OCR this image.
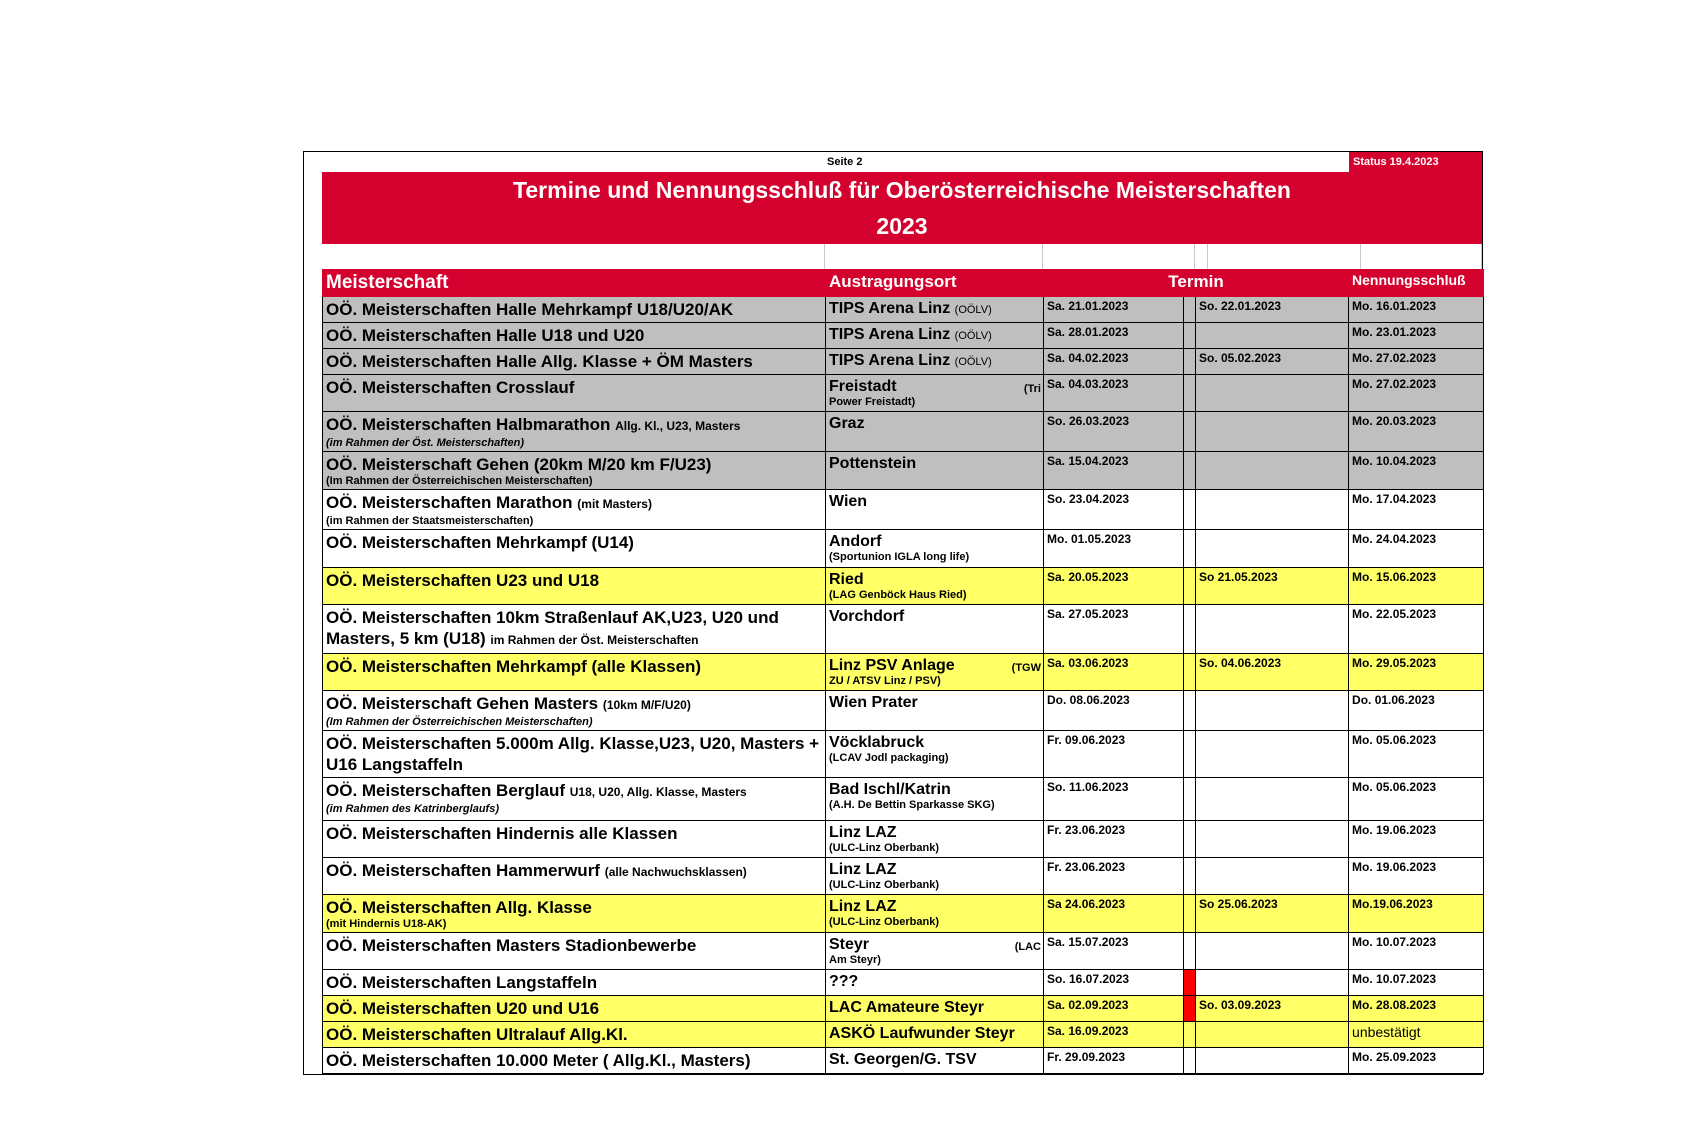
Seite 2	Status 19.4.2023
Termine und Nennungsschluß für Oberösterreichische Meisterschaften
2023
Meisterschaft	Austragungsort	Termin			Nennungsschluß
OÖ. Meisterschaften Halle Mehrkampf U18/U20/AK	TIPS Arena Linz (OÖLV)	Sa. 21.01.2023		So. 22.01.2023	Mo. 16.01.2023
OÖ. Meisterschaften Halle U18 und U20	TIPS Arena Linz (OÖLV)	Sa. 28.01.2023			Mo. 23.01.2023
OÖ. Meisterschaften Halle Allg. Klasse + ÖM Masters	TIPS Arena Linz (OÖLV)	Sa. 04.02.2023		So. 05.02.2023	Mo. 27.02.2023
OÖ. Meisterschaften Crosslauf	Freistadt (Tri
Power Freistadt)	Sa. 04.03.2023			Mo. 27.02.2023
OÖ. Meisterschaften Halbmarathon Allg. Kl., U23, Masters
(im Rahmen der Öst. Meisterschaften)	Graz	So. 26.03.2023			Mo. 20.03.2023
OÖ. Meisterschaft Gehen (20km M/20 km F/U23)
(Im Rahmen der Österreichischen Meisterschaften)	Pottenstein	Sa. 15.04.2023			Mo. 10.04.2023
OÖ. Meisterschaften Marathon (mit Masters)
(im Rahmen der Staatsmeisterschaften)	Wien	So. 23.04.2023			Mo. 17.04.2023
OÖ. Meisterschaften Mehrkampf (U14)	Andorf
(Sportunion IGLA long life)	Mo. 01.05.2023			Mo. 24.04.2023
OÖ. Meisterschaften U23 und U18	Ried
(LAG Genböck Haus Ried)	Sa. 20.05.2023		So 21.05.2023	Mo. 15.06.2023
OÖ. Meisterschaften 10km Straßenlauf AK,U23, U20 und Masters, 5 km (U18) im Rahmen der Öst. Meisterschaften	Vorchdorf	Sa. 27.05.2023			Mo. 22.05.2023
OÖ. Meisterschaften Mehrkampf (alle Klassen)	Linz PSV Anlage (TGW
ZU / ATSV Linz / PSV)	Sa. 03.06.2023		So. 04.06.2023	Mo. 29.05.2023
OÖ. Meisterschaft Gehen Masters (10km M/F/U20)
(Im Rahmen der Österreichischen Meisterschaften)	Wien Prater	Do. 08.06.2023			Do. 01.06.2023
OÖ. Meisterschaften 5.000m Allg. Klasse,U23, U20, Masters + U16 Langstaffeln	Vöcklabruck
(LCAV Jodl packaging)	Fr. 09.06.2023			Mo. 05.06.2023
OÖ. Meisterschaften Berglauf U18, U20, Allg. Klasse, Masters
(im Rahmen des Katrinberglaufs)	Bad Ischl/Katrin
(A.H. De Bettin Sparkasse SKG)	So. 11.06.2023			Mo. 05.06.2023
OÖ. Meisterschaften Hindernis alle Klassen	Linz LAZ
(ULC-Linz Oberbank)	Fr. 23.06.2023			Mo. 19.06.2023
OÖ. Meisterschaften Hammerwurf (alle Nachwuchsklassen)	Linz LAZ
(ULC-Linz Oberbank)	Fr. 23.06.2023			Mo. 19.06.2023
OÖ. Meisterschaften Allg. Klasse
(mit Hindernis U18-AK)	Linz LAZ
(ULC-Linz Oberbank)	Sa 24.06.2023		So 25.06.2023	Mo.19.06.2023
OÖ. Meisterschaften Masters Stadionbewerbe	Steyr (LAC
Am Steyr)	Sa. 15.07.2023			Mo. 10.07.2023
OÖ. Meisterschaften Langstaffeln	???	So. 16.07.2023			Mo. 10.07.2023
OÖ. Meisterschaften U20 und U16	LAC Amateure Steyr	Sa. 02.09.2023		So. 03.09.2023	Mo. 28.08.2023
OÖ. Meisterschaften Ultralauf Allg.Kl.	ASKÖ Laufwunder Steyr	Sa. 16.09.2023			unbestätigt
OÖ. Meisterschaften 10.000 Meter ( Allg.Kl., Masters)	St. Georgen/G. TSV	Fr. 29.09.2023			Mo. 25.09.2023
